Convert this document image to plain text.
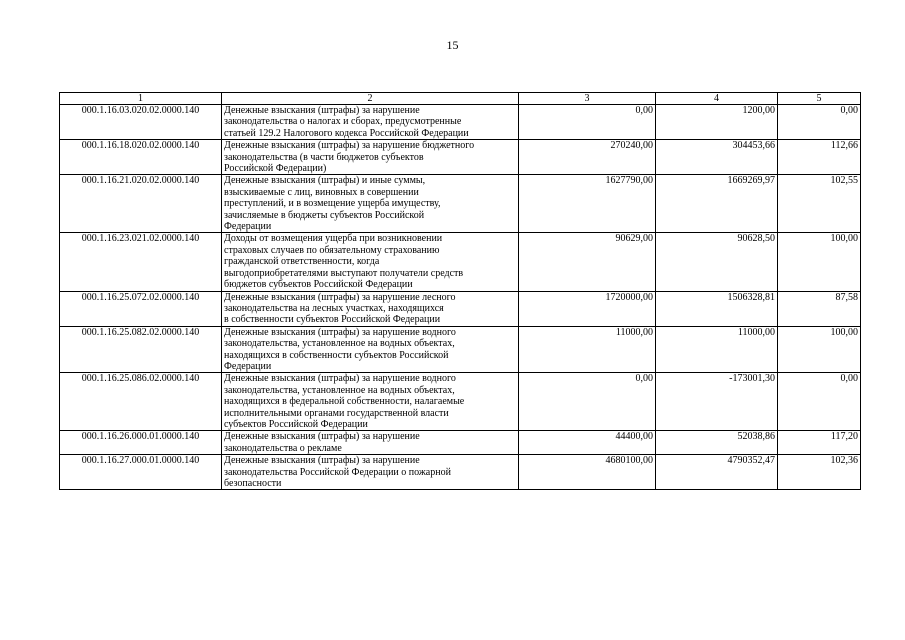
15
1	2	3	4	5
000.1.16.03.020.02.0000.140	Денежные взыскания (штрафы) за нарушение
законодательства о налогах и сборах, предусмотренные
статьей 129.2 Налогового кодекса Российской Федерации	0,00	1200,00	0,00
000.1.16.18.020.02.0000.140	Денежные взыскания (штрафы) за нарушение бюджетного
законодательства (в части бюджетов субъектов
Российской Федерации)	270240,00	304453,66	112,66
000.1.16.21.020.02.0000.140	Денежные взыскания (штрафы) и иные суммы,
взыскиваемые с лиц, виновных в совершении
преступлений, и в возмещение ущерба имуществу,
зачисляемые в бюджеты субъектов Российской
Федерации	1627790,00	1669269,97	102,55
000.1.16.23.021.02.0000.140	Доходы от возмещения ущерба при возникновении
страховых случаев по обязательному страхованию
гражданской ответственности, когда
выгодоприобретателями выступают получатели средств
бюджетов субъектов Российской Федерации	90629,00	90628,50	100,00
000.1.16.25.072.02.0000.140	Денежные взыскания (штрафы) за нарушение лесного
законодательства на лесных участках, находящихся
в собственности субъектов Российской Федерации	1720000,00	1506328,81	87,58
000.1.16.25.082.02.0000.140	Денежные взыскания (штрафы) за нарушение водного
законодательства, установленное на водных объектах,
находящихся в собственности субъектов Российской
Федерации	11000,00	11000,00	100,00
000.1.16.25.086.02.0000.140	Денежные взыскания (штрафы) за нарушение водного
законодательства, установленное на водных объектах,
находящихся в федеральной собственности, налагаемые
исполнительными органами государственной власти
субъектов Российской Федерации	0,00	-173001,30	0,00
000.1.16.26.000.01.0000.140	Денежные взыскания (штрафы) за нарушение
законодательства о рекламе	44400,00	52038,86	117,20
000.1.16.27.000.01.0000.140	Денежные взыскания (штрафы) за нарушение
законодательства Российской Федерации о пожарной
безопасности	4680100,00	4790352,47	102,36
